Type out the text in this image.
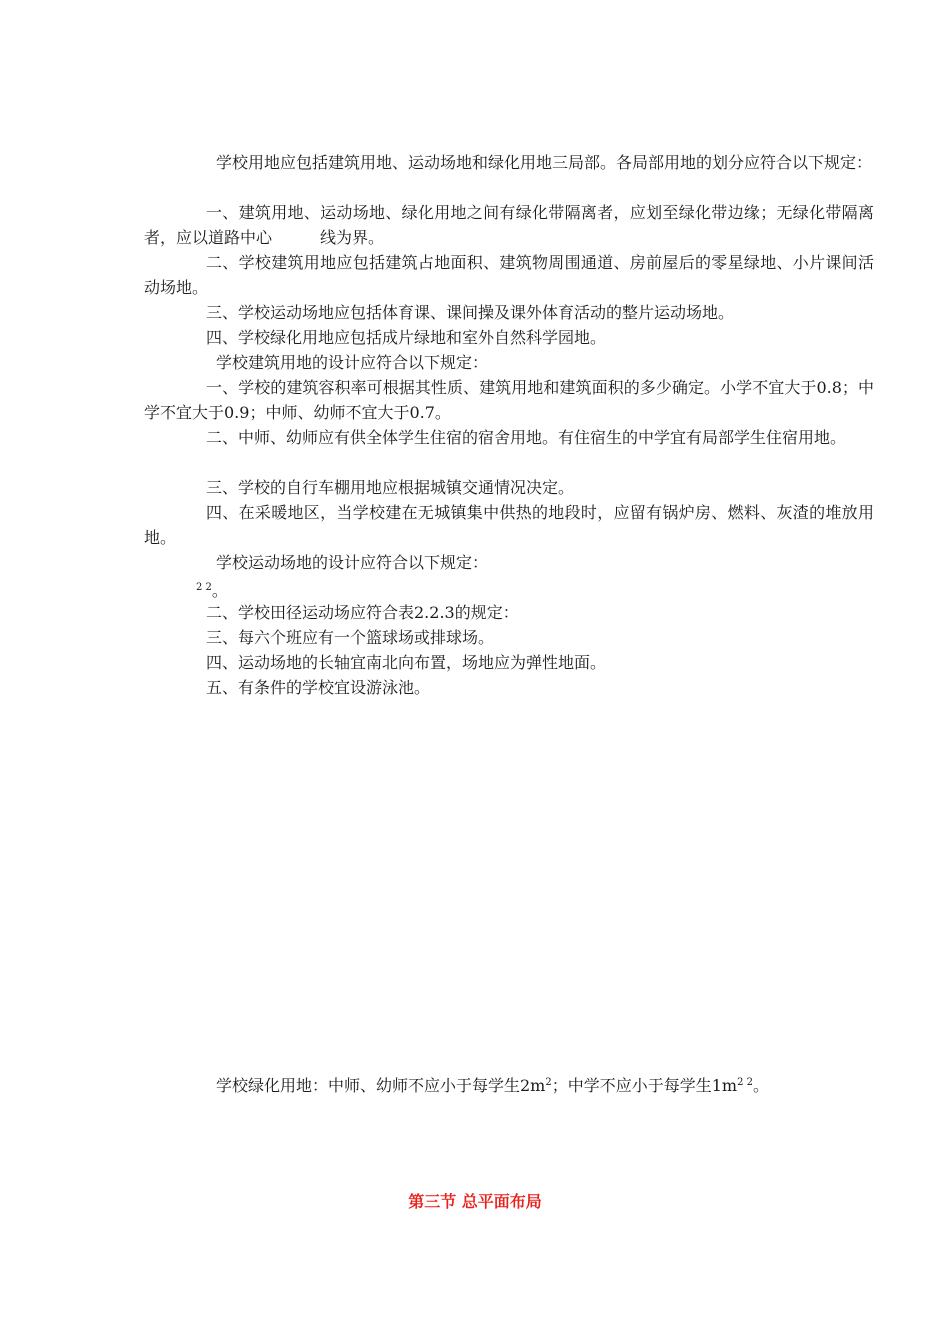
学校用地应包括建筑用地、运动场地和绿化用地三局部。各局部用地的划分应符合以下规定：

一、建筑用地、运动场地、绿化用地之间有绿化带隔离者，应划至绿化带边缘；无绿化带隔离者，应以道路中心	线为界。

二、学校建筑用地应包括建筑占地面积、建筑物周围通道、房前屋后的零星绿地、小片课间活动场地。

三、学校运动场地应包括体育课、课间操及课外体育活动的整片运动场地。

四、学校绿化用地应包括成片绿地和室外自然科学园地。

学校建筑用地的设计应符合以下规定：

一、学校的建筑容积率可根据其性质、建筑用地和建筑面积的多少确定。小学不宜大于0.8；中学不宜大于0.9；中师、幼师不宜大于0.7。

二、中师、幼师应有供全体学生住宿的宿舍用地。有住宿生的中学宜有局部学生住宿用地。

三、学校的自行车棚用地应根据城镇交通情况决定。

四、在采暖地区，当学校建在无城镇集中供热的地段时，应留有锅炉房、燃料、灰渣的堆放用地。

学校运动场地的设计应符合以下规定：

$^{2 2}$。

二、学校田径运动场应符合表2.2.3的规定：

三、每六个班应有一个篮球场或排球场。

四、运动场地的长轴宜南北向布置，场地应为弹性地面。

五、有条件的学校宜设游泳池。

学校绿化用地：中师、幼师不应小于每学生$2m^2$；中学不应小于每学生$1m^{2 2}$。

第三节 总平面布局
